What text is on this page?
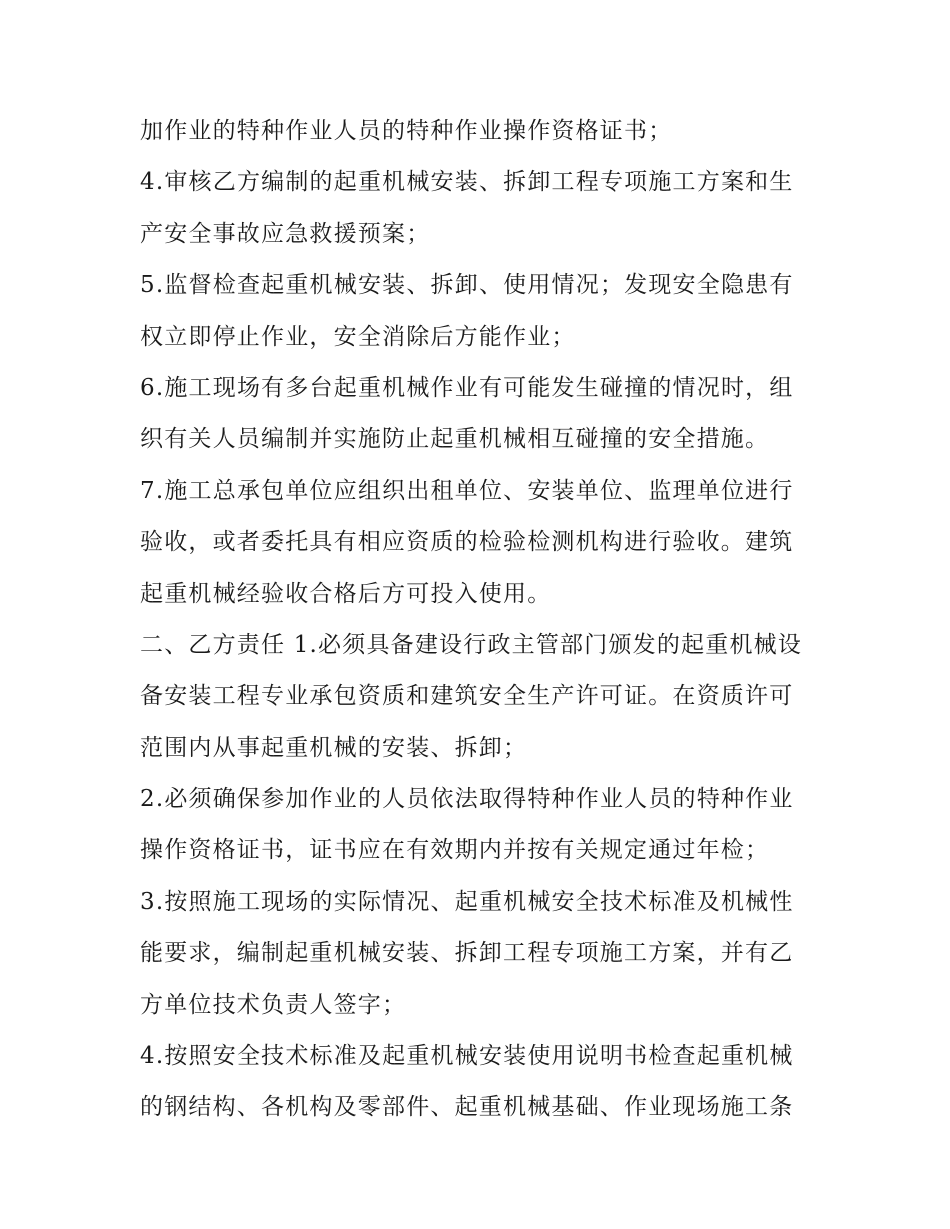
加作业的特种作业人员的特种作业操作资格证书；
4.审核乙方编制的起重机械安装、拆卸工程专项施工方案和生
产安全事故应急救援预案；
5.监督检查起重机械安装、拆卸、使用情况；发现安全隐患有
权立即停止作业，安全消除后方能作业；
6.施工现场有多台起重机械作业有可能发生碰撞的情况时，组
织有关人员编制并实施防止起重机械相互碰撞的安全措施。
7.施工总承包单位应组织出租单位、安装单位、监理单位进行
验收，或者委托具有相应资质的检验检测机构进行验收。建筑
起重机械经验收合格后方可投入使用。
二、乙方责任 1.必须具备建设行政主管部门颁发的起重机械设
备安装工程专业承包资质和建筑安全生产许可证。在资质许可
范围内从事起重机械的安装、拆卸；
2.必须确保参加作业的人员依法取得特种作业人员的特种作业
操作资格证书，证书应在有效期内并按有关规定通过年检；
3.按照施工现场的实际情况、起重机械安全技术标准及机械性
能要求，编制起重机械安装、拆卸工程专项施工方案，并有乙
方单位技术负责人签字；
4.按照安全技术标准及起重机械安装使用说明书检查起重机械
的钢结构、各机构及零部件、起重机械基础、作业现场施工条
